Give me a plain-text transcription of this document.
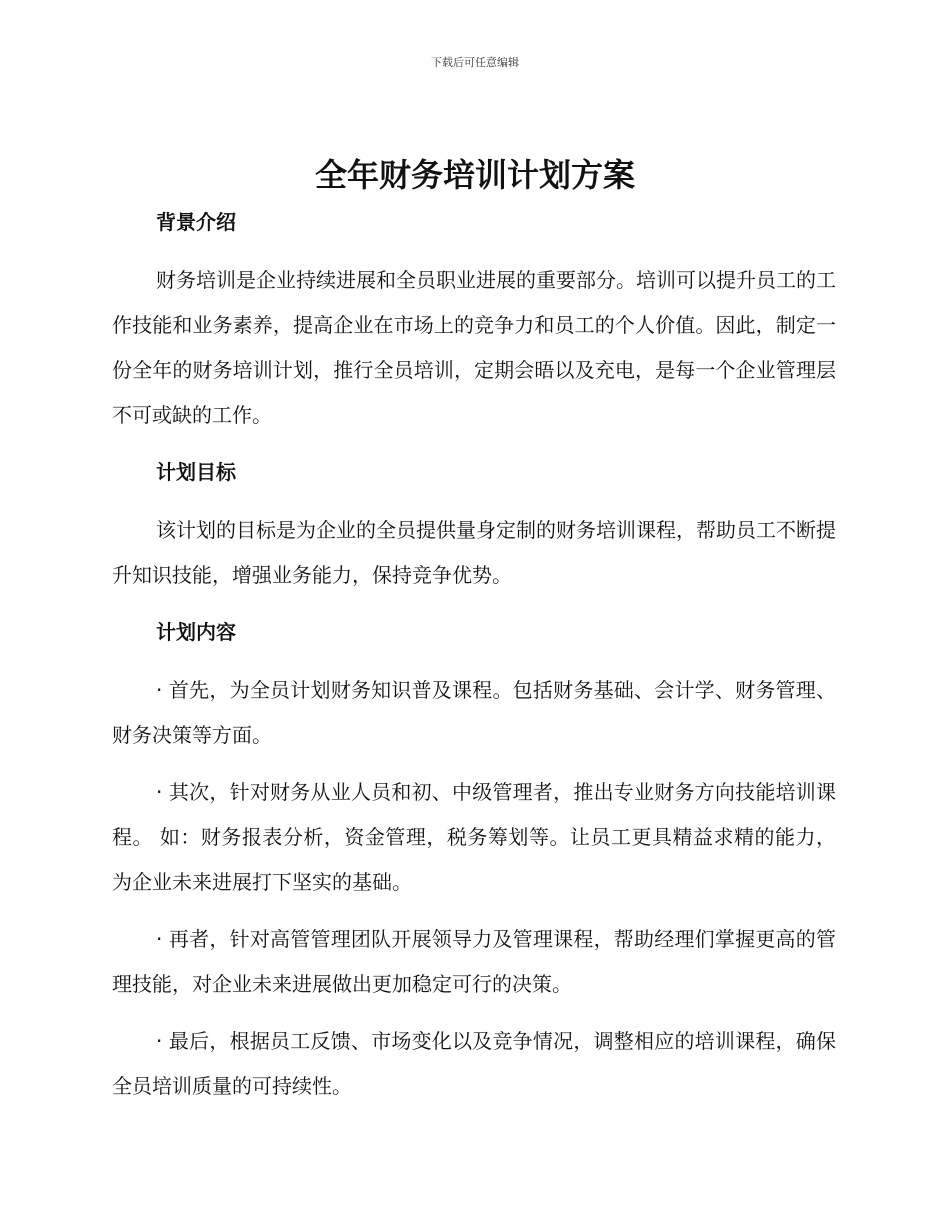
下载后可任意编辑
全年财务培训计划方案

背景介绍

财务培训是企业持续进展和全员职业进展的重要部分。培训可以提升员工的工作技能和业务素养，提高企业在市场上的竞争力和员工的个人价值。因此，制定一份全年的财务培训计划，推行全员培训，定期会晤以及充电，是每一个企业管理层不可或缺的工作。

计划目标

该计划的目标是为企业的全员提供量身定制的财务培训课程，帮助员工不断提升知识技能，增强业务能力，保持竞争优势。

计划内容

· 首先，为全员计划财务知识普及课程。包括财务基础、会计学、财务管理、财务决策等方面。

· 其次，针对财务从业人员和初、中级管理者，推出专业财务方向技能培训课程。 如：财务报表分析，资金管理，税务筹划等。让员工更具精益求精的能力，为企业未来进展打下坚实的基础。

· 再者，针对高管管理团队开展领导力及管理课程，帮助经理们掌握更高的管理技能，对企业未来进展做出更加稳定可行的决策。

· 最后，根据员工反馈、市场变化以及竞争情况，调整相应的培训课程，确保全员培训质量的可持续性。
